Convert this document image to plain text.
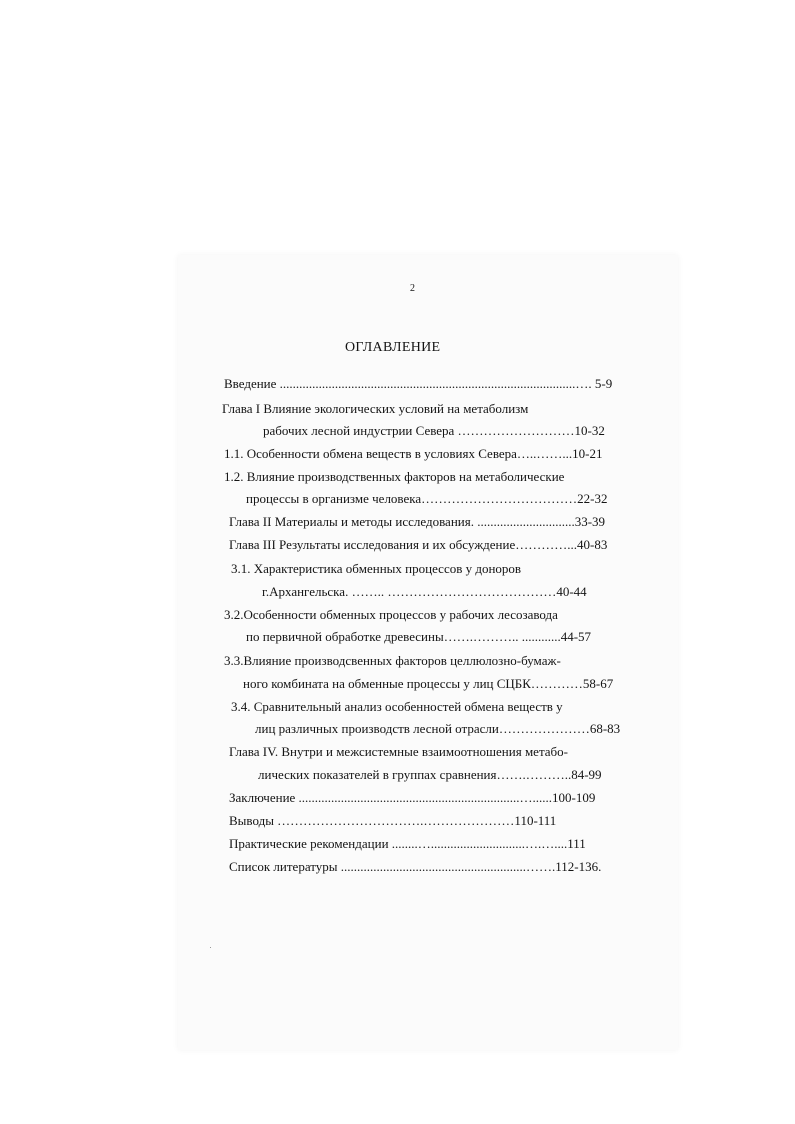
2
ОГЛАВЛЕНИЕ
Введение ...........................................................................................…. 5-9
Глава I Влияние экологических условий на метаболизм
рабочих лесной индустрии Севера ………………………10-32
1.1. Особенности обмена веществ в условиях Севера…..……...10-21
1.2. Влияние производственных факторов на метаболические
процессы в организме человека………………………………22-32
Глава II Материалы и методы исследования. ..............................33-39
Глава III Результаты исследования и их обсуждение…………...40-83
3.1. Характеристика обменных процессов у доноров
г.Архангельска. …….. …………………………………40-44
3.2.Особенности обменных процессов у рабочих лесозавода
по первичной обработке древесины…….……….. ............44-57
3.3.Влияние производсвенных факторов целлюлозно-бумаж-
ного комбината на обменные процессы у лиц СЦБК…………58-67
3.4. Сравнительный анализ особенностей обмена веществ у
лиц различных производств лесной отрасли…………………68-83
Глава IV. Внутри и межсистемные взаимоотношения метабо-
лических показателей в группах сравнения…….………..84-99
Заключение ....................................................................…......100-109
Выводы …………………………….…………………110-111
Практические рекомендации ........….............................….…....111
Список литературы .........................................................…….112-136.
